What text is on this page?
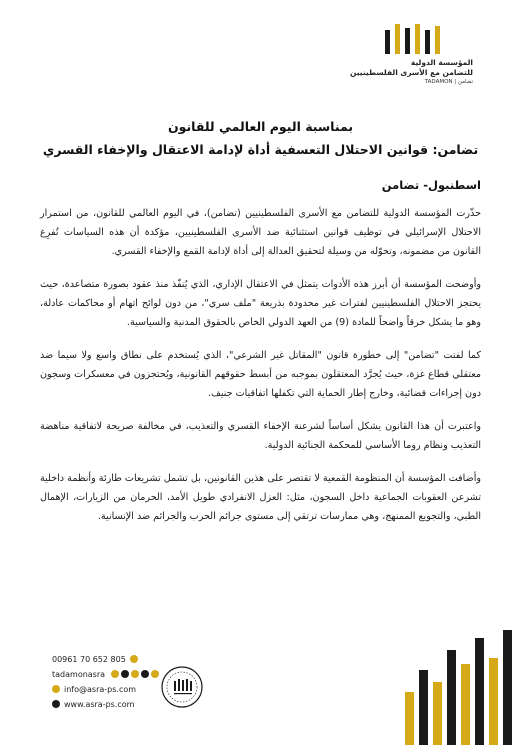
المؤسسة الدولية
للتضامن مع الأسرى الفلسطينيين
TADAMON | تضامن
بمناسبة اليوم العالمي للقانون
تضامن: قوانين الاحتلال التعسفية أداة لإدامة الاعتقال والإخفاء القسري
اسطنبول- تضامن

حذّرت المؤسسة الدولية للتضامن مع الأسرى الفلسطينيين (تضامن)، في اليوم العالمي للقانون، من استمرار الاحتلال الإسرائيلي في توظيف قوانين استثنائية ضد الأسرى الفلسطينيين، مؤكدة أن هذه السياسات تُفرِغ القانون من مضمونه، وتحوّله من وسيلة لتحقيق العدالة إلى أداة لإدامة القمع والإخفاء القسري.

وأوضحت المؤسسة أن أبرز هذه الأدوات يتمثل في الاعتقال الإداري، الذي يُنفّذ منذ عقود بصورة متصاعدة، حيث يحتجز الاحتلال الفلسطينيين لفترات غير محدودة بذريعة "ملف سري"، من دون لوائح اتهام أو محاكمات عادلة، وهو ما يشكل خرقاً واضحاً للمادة (9) من العهد الدولي الخاص بالحقوق المدنية والسياسية.

كما لفتت "تضامن" إلى خطورة قانون "المقاتل غير الشرعي"، الذي يُستخدم على نطاق واسع ولا سيما ضد معتقلي قطاع غزة، حيث يُجرَّد المعتقلون بموجبه من أبسط حقوقهم القانونية، ويُحتجزون في معسكرات وسجون دون إجراءات قضائية، وخارج إطار الحماية التي تكفلها اتفاقيات جنيف.

واعتبرت أن هذا القانون يشكل أساساً لشرعنة الإخفاء القسري والتعذيب، في مخالفة صريحة لاتفاقية مناهضة التعذيب ونظام روما الأساسي للمحكمة الجنائية الدولية.

وأضافت المؤسسة أن المنظومة القمعية لا تقتصر على هذين القانونين، بل تشمل تشريعات طارئة وأنظمة داخلية تشرعن العقوبات الجماعية داخل السجون، مثل: العزل الانفرادي طويل الأمد، الحرمان من الزيارات، الإهمال الطبي، والتجويع الممنهج، وهي ممارسات ترتقي إلى مستوى جرائم الحرب والجرائم ضد الإنسانية.

00961 70 652 805
tadamonasra
info@asra-ps.com
www.asra-ps.com
